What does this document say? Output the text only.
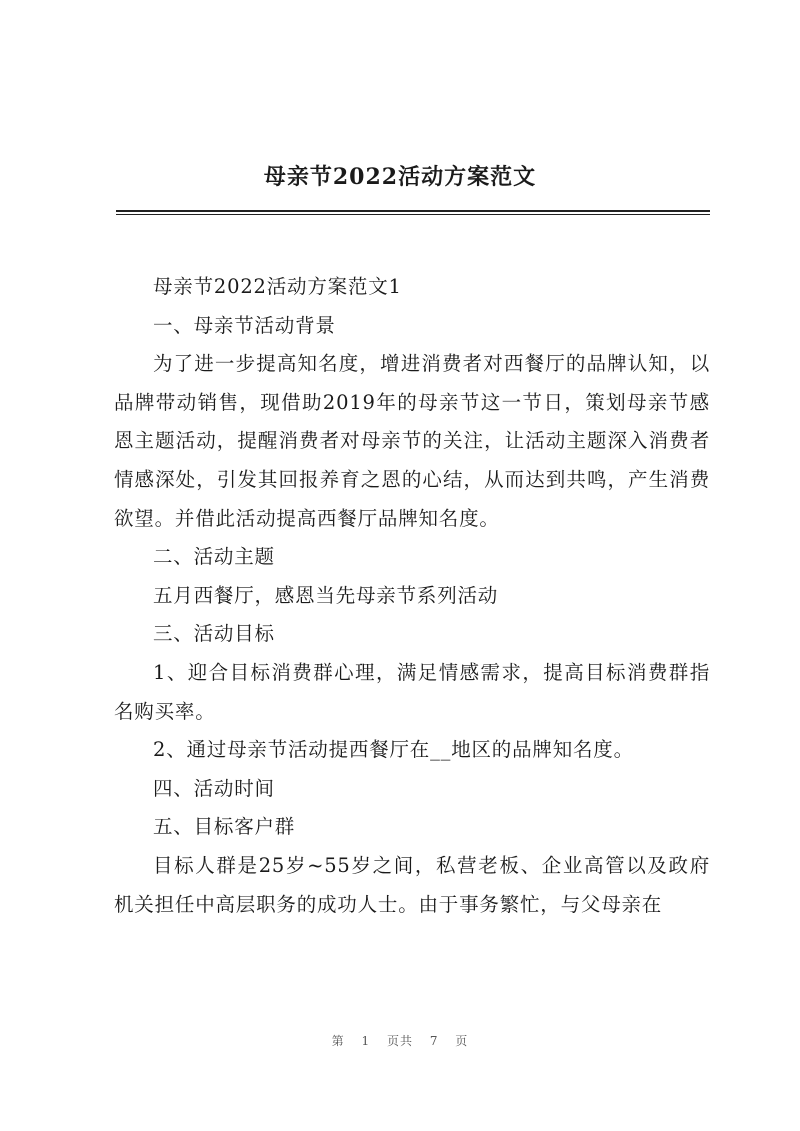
母亲节2022活动方案范文

母亲节2022活动方案范文1

一、母亲节活动背景

为了进一步提高知名度，增进消费者对西餐厅的品牌认知，以品牌带动销售，现借助2019年的母亲节这一节日，策划母亲节感恩主题活动，提醒消费者对母亲节的关注，让活动主题深入消费者情感深处，引发其回报养育之恩的心结，从而达到共鸣，产生消费欲望。并借此活动提高西餐厅品牌知名度。

二、活动主题

五月西餐厅，感恩当先母亲节系列活动

三、活动目标

1、迎合目标消费群心理，满足情感需求，提高目标消费群指名购买率。

2、通过母亲节活动提西餐厅在__地区的品牌知名度。

四、活动时间

五、目标客户群

目标人群是25岁~55岁之间，私营老板、企业高管以及政府机关担任中高层职务的成功人士。由于事务繁忙，与父母亲在

第 1 页共 7 页
